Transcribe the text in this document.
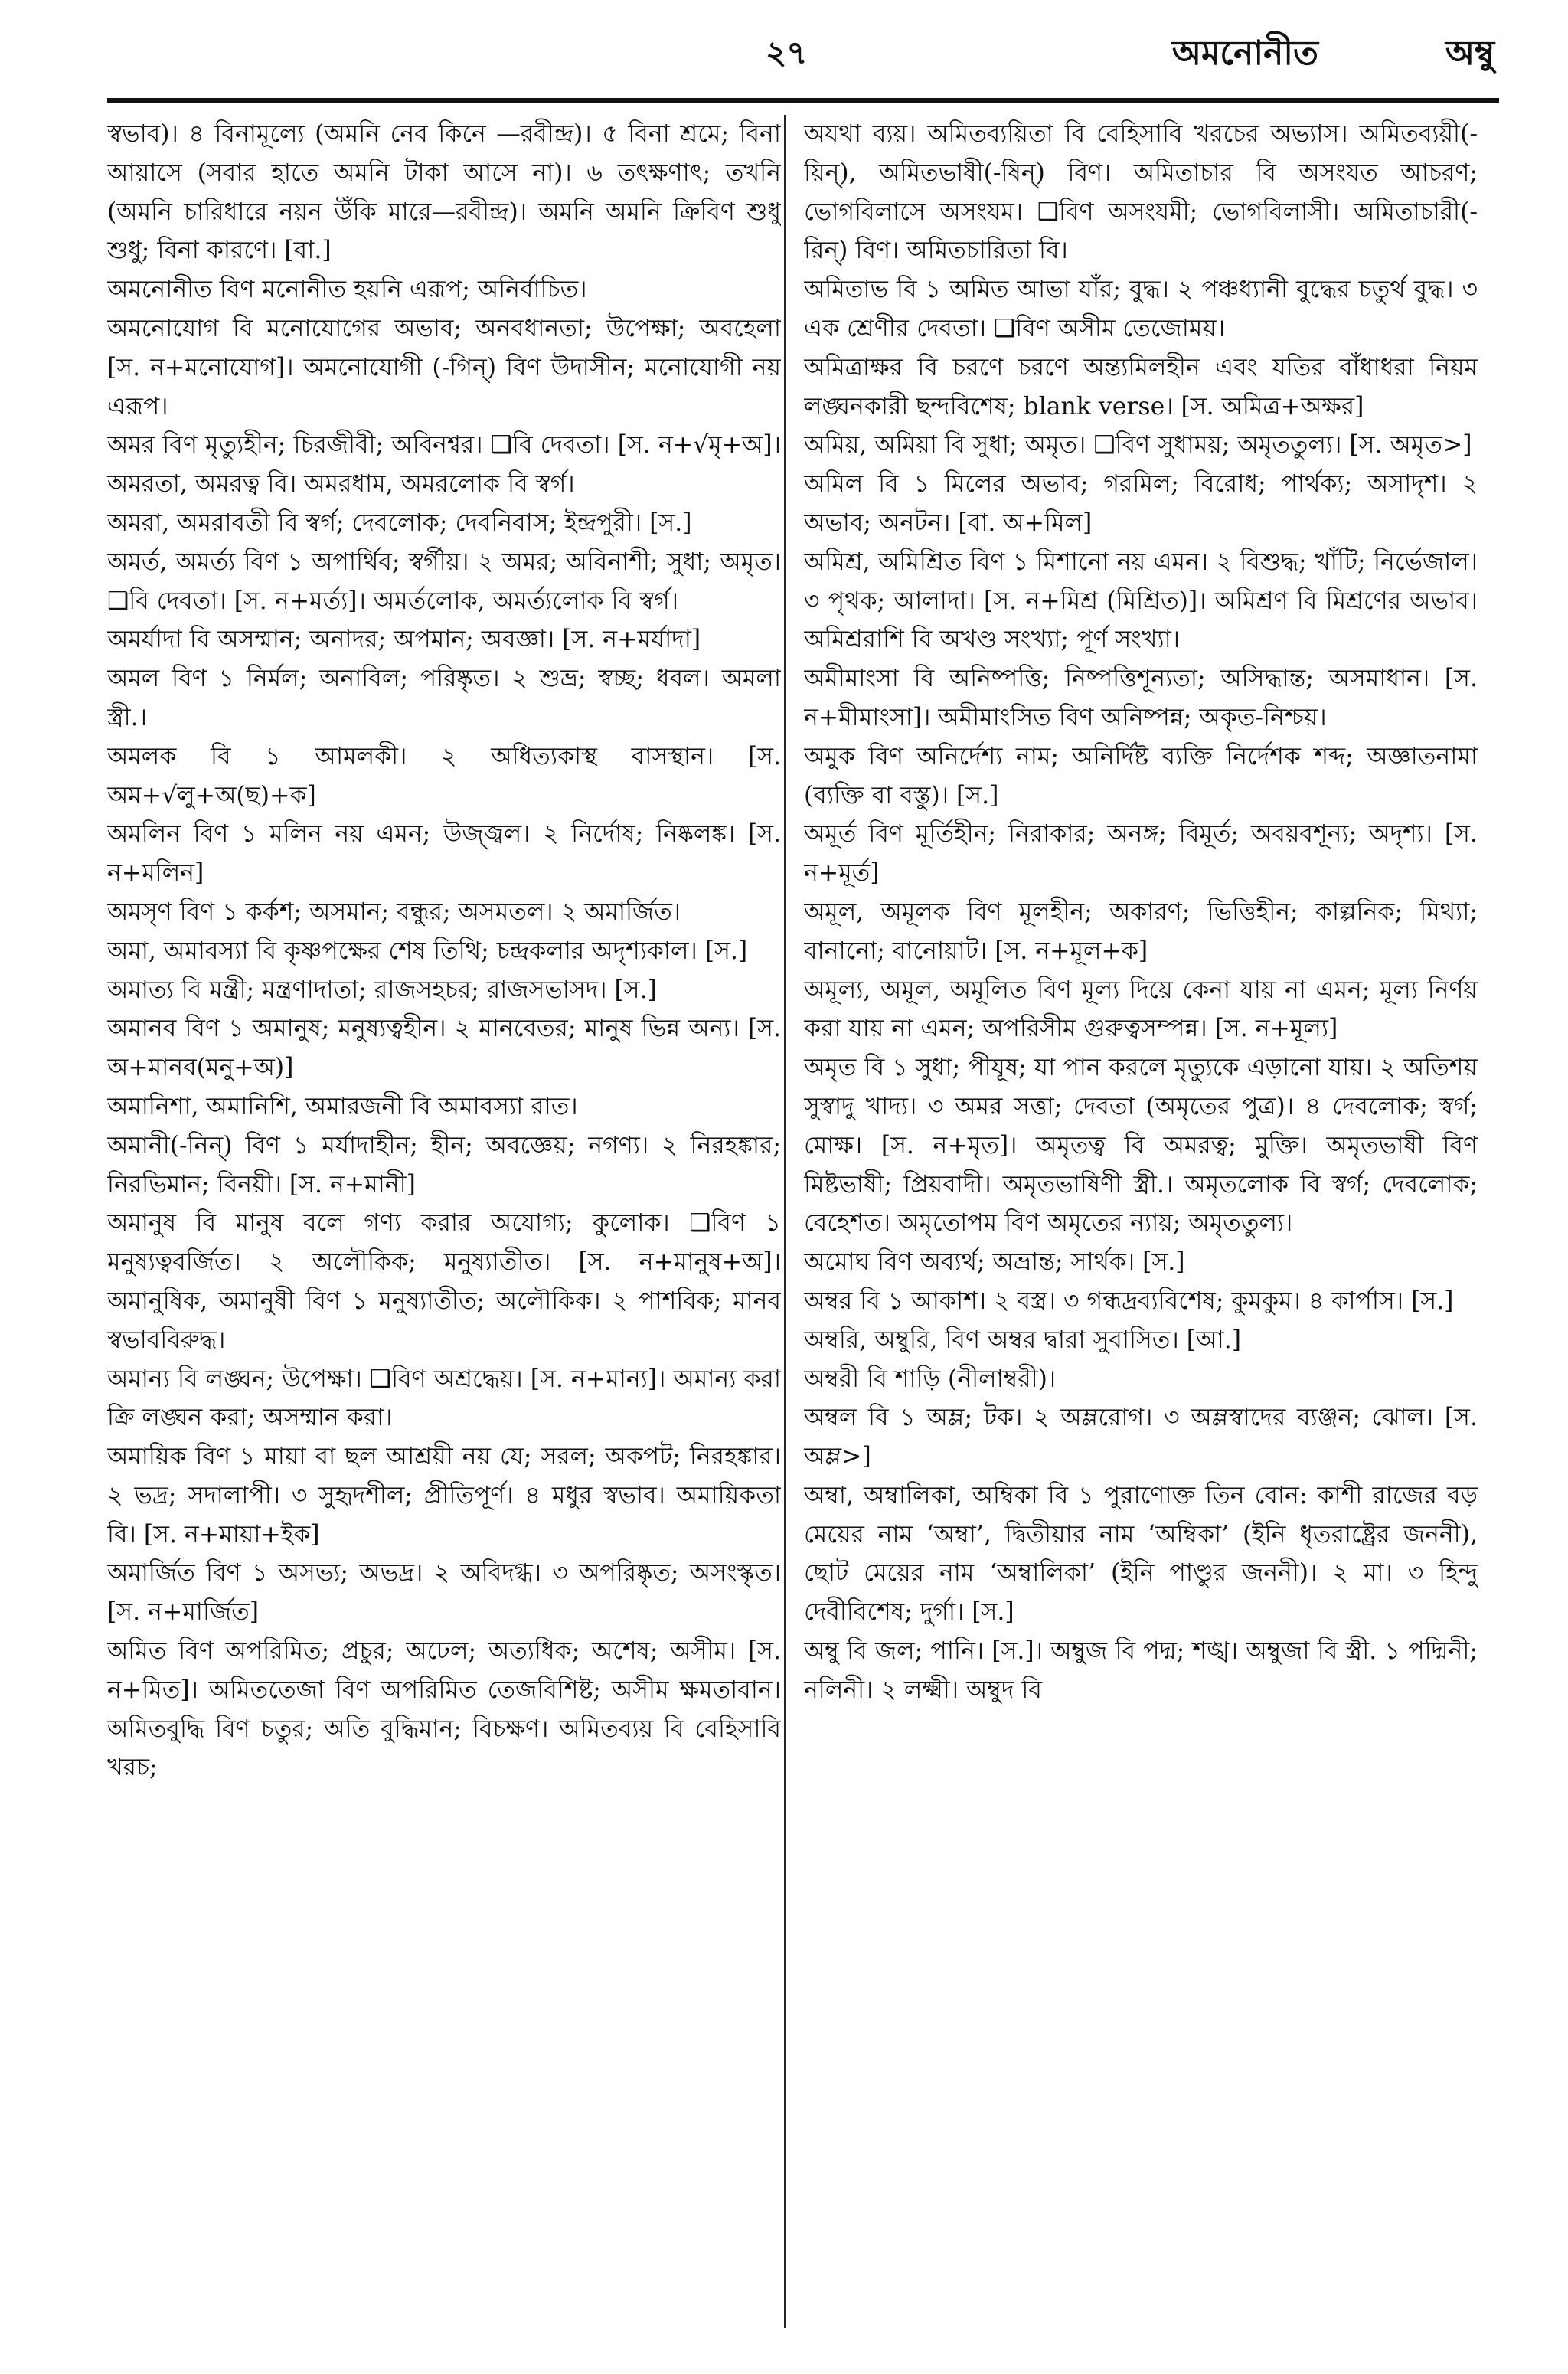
২৭	অমনোনীত	অম্বু

স্বভাব)। ৪ বিনামূল্যে (অমনি নেব কিনে —রবীন্দ্র)। ৫ বিনা শ্রমে; বিনা আয়াসে (সবার হাতে অমনি টাকা আসে না)। ৬ তৎক্ষণাৎ; তখনি (অমনি চারিধারে নয়ন উঁকি মারে—রবীন্দ্র)। অমনি অমনি ক্রিবিণ শুধু শুধু; বিনা কারণে। [বা.]

অমনোনীত বিণ মনোনীত হয়নি এরূপ; অনির্বাচিত।

অমনোযোগ বি মনোযোগের অভাব; অনবধানতা; উপেক্ষা; অবহেলা [স. ন+মনোযোগ]। অমনোযোগী (-গিন্) বিণ উদাসীন; মনোযোগী নয় এরূপ।

অমর বিণ মৃত্যুহীন; চিরজীবী; অবিনশ্বর। ❑বি দেবতা। [স. ন+√মৃ+অ]। অমরতা, অমরত্ব বি। অমরধাম, অমরলোক বি স্বর্গ।

অমরা, অমরাবতী বি স্বর্গ; দেবলোক; দেবনিবাস; ইন্দ্রপুরী। [স.]

অমর্ত, অমর্ত্য বিণ ১ অপার্থিব; স্বর্গীয়। ২ অমর; অবিনাশী; সুধা; অমৃত। ❑বি দেবতা। [স. ন+মর্ত্য]। অমর্তলোক, অমর্ত্যলোক বি স্বর্গ।

অমর্যাদা বি অসম্মান; অনাদর; অপমান; অবজ্ঞা। [স. ন+মর্যাদা]

অমল বিণ ১ নির্মল; অনাবিল; পরিষ্কৃত। ২ শুভ্র; স্বচ্ছ; ধবল। অমলা স্ত্রী.।

অমলক বি ১ আমলকী। ২ অধিত্যকাস্থ বাসস্থান। [স. অম+√লু+অ(ছ)+ক]

অমলিন বিণ ১ মলিন নয় এমন; উজ্জ্বল। ২ নির্দোষ; নিষ্কলঙ্ক। [স. ন+মলিন]

অমসৃণ বিণ ১ কর্কশ; অসমান; বন্ধুর; অসমতল। ২ অমার্জিত।

অমা, অমাবস্যা বি কৃষ্ণপক্ষের শেষ তিথি; চন্দ্রকলার অদৃশ্যকাল। [স.]

অমাত্য বি মন্ত্রী; মন্ত্রণাদাতা; রাজসহচর; রাজসভাসদ। [স.]

অমানব বিণ ১ অমানুষ; মনুষ্যত্বহীন। ২ মানবেতর; মানুষ ভিন্ন অন্য। [স. অ+মানব(মনু+অ)]

অমানিশা, অমানিশি, অমারজনী বি অমাবস্যা রাত।

অমানী(-নিন্) বিণ ১ মর্যাদাহীন; হীন; অবজ্ঞেয়; নগণ্য। ২ নিরহঙ্কার; নিরভিমান; বিনয়ী। [স. ন+মানী]

অমানুষ বি মানুষ বলে গণ্য করার অযোগ্য; কুলোক। ❑বিণ ১ মনুষ্যত্ববর্জিত। ২ অলৌকিক; মনুষ্যাতীত। [স. ন+মানুষ+অ]। অমানুষিক, অমানুষী বিণ ১ মনুষ্যাতীত; অলৌকিক। ২ পাশবিক; মানব স্বভাববিরুদ্ধ।

অমান্য বি লঙ্ঘন; উপেক্ষা। ❑বিণ অশ্রদ্ধেয়। [স. ন+মান্য]। অমান্য করা ক্রি লঙ্ঘন করা; অসম্মান করা।

অমায়িক বিণ ১ মায়া বা ছল আশ্রয়ী নয় যে; সরল; অকপট; নিরহঙ্কার। ২ ভদ্র; সদালাপী। ৩ সুহৃদশীল; প্রীতিপূর্ণ। ৪ মধুর স্বভাব। অমায়িকতা বি। [স. ন+মায়া+ইক]

অমার্জিত বিণ ১ অসভ্য; অভদ্র। ২ অবিদগ্ধ। ৩ অপরিষ্কৃত; অসংস্কৃত। [স. ন+মার্জিত]

অমিত বিণ অপরিমিত; প্রচুর; অঢেল; অত্যধিক; অশেষ; অসীম। [স. ন+মিত]। অমিততেজা বিণ অপরিমিত তেজবিশিষ্ট; অসীম ক্ষমতাবান। অমিতবুদ্ধি বিণ চতুর; অতি বুদ্ধিমান; বিচক্ষণ। অমিতব্যয় বি বেহিসাবি খরচ;

অযথা ব্যয়। অমিতব্যয়িতা বি বেহিসাবি খরচের অভ্যাস। অমিতব্যয়ী(-য়িন্), অমিতভাষী(-ষিন্) বিণ। অমিতাচার বি অসংযত আচরণ; ভোগবিলাসে অসংযম। ❑বিণ অসংযমী; ভোগবিলাসী। অমিতাচারী(-রিন্) বিণ। অমিতচারিতা বি।

অমিতাভ বি ১ অমিত আভা যাঁর; বুদ্ধ। ২ পঞ্চধ্যানী বুদ্ধের চতুর্থ বুদ্ধ। ৩ এক শ্রেণীর দেবতা। ❑বিণ অসীম তেজোময়।

অমিত্রাক্ষর বি চরণে চরণে অন্ত্যমিলহীন এবং যতির বাঁধাধরা নিয়ম লঙ্ঘনকারী ছন্দবিশেষ; blank verse। [স. অমিত্র+অক্ষর]

অমিয়, অমিয়া বি সুধা; অমৃত। ❑বিণ সুধাময়; অমৃততুল্য। [স. অমৃত>]

অমিল বি ১ মিলের অভাব; গরমিল; বিরোধ; পার্থক্য; অসাদৃশ। ২ অভাব; অনটন। [বা. অ+মিল]

অমিশ্র, অমিশ্রিত বিণ ১ মিশানো নয় এমন। ২ বিশুদ্ধ; খাঁটি; নির্ভেজাল। ৩ পৃথক; আলাদা। [স. ন+মিশ্র (মিশ্রিত)]। অমিশ্রণ বি মিশ্রণের অভাব। অমিশ্ররাশি বি অখণ্ড সংখ্যা; পূর্ণ সংখ্যা।

অমীমাংসা বি অনিষ্পত্তি; নিষ্পত্তিশূন্যতা; অসিদ্ধান্ত; অসমাধান। [স. ন+মীমাংসা]। অমীমাংসিত বিণ অনিষ্পন্ন; অকৃত-নিশ্চয়।

অমুক বিণ অনির্দেশ্য নাম; অনির্দিষ্ট ব্যক্তি নির্দেশক শব্দ; অজ্ঞাতনামা (ব্যক্তি বা বস্তু)। [স.]

অমূর্ত বিণ মূর্তিহীন; নিরাকার; অনঙ্গ; বিমূর্ত; অবয়বশূন্য; অদৃশ্য। [স. ন+মূর্ত]

অমূল, অমূলক বিণ মূলহীন; অকারণ; ভিত্তিহীন; কাল্পনিক; মিথ্যা; বানানো; বানোয়াট। [স. ন+মূল+ক]

অমূল্য, অমূল, অমূলিত বিণ মূল্য দিয়ে কেনা যায় না এমন; মূল্য নির্ণয় করা যায় না এমন; অপরিসীম গুরুত্বসম্পন্ন। [স. ন+মূল্য]

অমৃত বি ১ সুধা; পীযূষ; যা পান করলে মৃত্যুকে এড়ানো যায়। ২ অতিশয় সুস্বাদু খাদ্য। ৩ অমর সত্তা; দেবতা (অমৃতের পুত্র)। ৪ দেবলোক; স্বর্গ; মোক্ষ। [স. ন+মৃত]। অমৃতত্ব বি অমরত্ব; মুক্তি। অমৃতভাষী বিণ মিষ্টভাষী; প্রিয়বাদী। অমৃতভাষিণী স্ত্রী.। অমৃতলোক বি স্বর্গ; দেবলোক; বেহেশত। অমৃতোপম বিণ অমৃতের ন্যায়; অমৃততুল্য।

অমোঘ বিণ অব্যর্থ; অভ্রান্ত; সার্থক। [স.]

অম্বর বি ১ আকাশ। ২ বস্ত্র। ৩ গন্ধদ্রব্যবিশেষ; কুমকুম। ৪ কার্পাস। [স.]

অম্বরি, অম্বুরি, বিণ অম্বর দ্বারা সুবাসিত। [আ.]

অম্বরী বি শাড়ি (নীলাম্বরী)।

অম্বল বি ১ অম্ল; টক। ২ অম্লরোগ। ৩ অম্লস্বাদের ব্যঞ্জন; ঝোল। [স. অম্ল>]

অম্বা, অম্বালিকা, অম্বিকা বি ১ পুরাণোক্ত তিন বোন: কাশী রাজের বড় মেয়ের নাম ‘অম্বা’, দ্বিতীয়ার নাম ‘অম্বিকা’ (ইনি ধৃতরাষ্ট্রের জননী), ছোট মেয়ের নাম ‘অম্বালিকা’ (ইনি পাণ্ডুর জননী)। ২ মা। ৩ হিন্দু দেবীবিশেষ; দুর্গা। [স.]

অম্বু বি জল; পানি। [স.]। অম্বুজ বি পদ্ম; শঙ্খ। অম্বুজা বি স্ত্রী. ১ পদ্মিনী; নলিনী। ২ লক্ষ্মী। অম্বুদ বি
